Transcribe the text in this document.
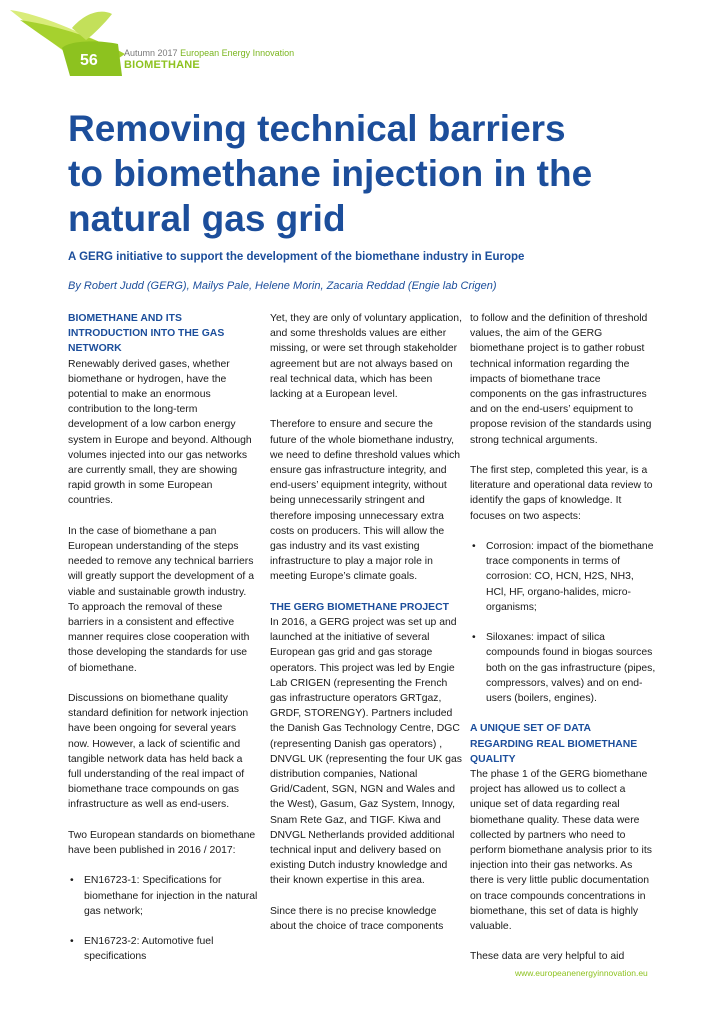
56	Autumn 2017 European Energy Innovation
BIOMETHANE
Removing technical barriers
to biomethane injection in the
natural gas grid
A GERG initiative to support the development of the biomethane industry in Europe
By Robert Judd (GERG), Mailys Pale, Helene Morin, Zacaria Reddad (Engie lab Crigen)
BIOMETHANE AND ITS INTRODUCTION INTO THE GAS NETWORK

Renewably derived gases, whether biomethane or hydrogen, have the potential to make an enormous contribution to the long-term development of a low carbon energy system in Europe and beyond. Although volumes injected into our gas networks are currently small, they are showing rapid growth in some European countries.

In the case of biomethane a pan European understanding of the steps needed to remove any technical barriers will greatly support the development of a viable and sustainable growth industry. To approach the removal of these barriers in a consistent and effective manner requires close cooperation with those developing the standards for use of biomethane.

Discussions on biomethane quality standard definition for network injection have been ongoing for several years now. However, a lack of scientific and tangible network data has held back a full understanding of the real impact of biomethane trace compounds on gas infrastructure as well as end-users.

Two European standards on biomethane have been published in 2016 / 2017:

• EN16723-1: Specifications for biomethane for injection in the natural gas network;
• EN16723-2: Automotive fuel specifications

Yet, they are only of voluntary application, and some thresholds values are either missing, or were set through stakeholder agreement but are not always based on real technical data, which has been lacking at a European level.

Therefore to ensure and secure the future of the whole biomethane industry, we need to define threshold values which ensure gas infrastructure integrity, and end-users’ equipment integrity, without being unnecessarily stringent and therefore imposing unnecessary extra costs on producers. This will allow the gas industry and its vast existing infrastructure to play a major role in meeting Europe’s climate goals.

THE GERG BIOMETHANE PROJECT

In 2016, a GERG project was set up and launched at the initiative of several European gas grid and gas storage operators. This project was led by Engie Lab CRIGEN (representing the French gas infrastructure operators GRTgaz, GRDF, STORENGY). Partners included the Danish Gas Technology Centre, DGC (representing Danish gas operators) , DNVGL UK (representing the four UK gas distribution companies, National Grid/Cadent, SGN, NGN and Wales and the West), Gasum, Gaz System, Innogy, Snam Rete Gaz, and TIGF. Kiwa and DNVGL Netherlands provided additional technical input and delivery based on existing Dutch industry knowledge and their known expertise in this area.

Since there is no precise knowledge about the choice of trace components

to follow and the definition of threshold values, the aim of the GERG biomethane project is to gather robust technical information regarding the impacts of biomethane trace components on the gas infrastructures and on the end-users’ equipment to propose revision of the standards using strong technical arguments.

The first step, completed this year, is a literature and operational data review to identify the gaps of knowledge. It focuses on two aspects:

• Corrosion: impact of the biomethane trace components in terms of corrosion: CO, HCN, H2S, NH3, HCl, HF, organo-halides, micro-organisms;
• Siloxanes: impact of silica compounds found in biogas sources both on the gas infrastructure (pipes, compressors, valves) and on end-users (boilers, engines).
A UNIQUE SET OF DATA REGARDING REAL BIOMETHANE QUALITY

The phase 1 of the GERG biomethane project has allowed us to collect a unique set of data regarding real biomethane quality. These data were collected by partners who need to perform biomethane analysis prior to its injection into their gas networks. As there is very little public documentation on trace compounds concentrations in biomethane, this set of data is highly valuable.

These data are very helpful to aid

www.europeanenergyinnovation.eu
